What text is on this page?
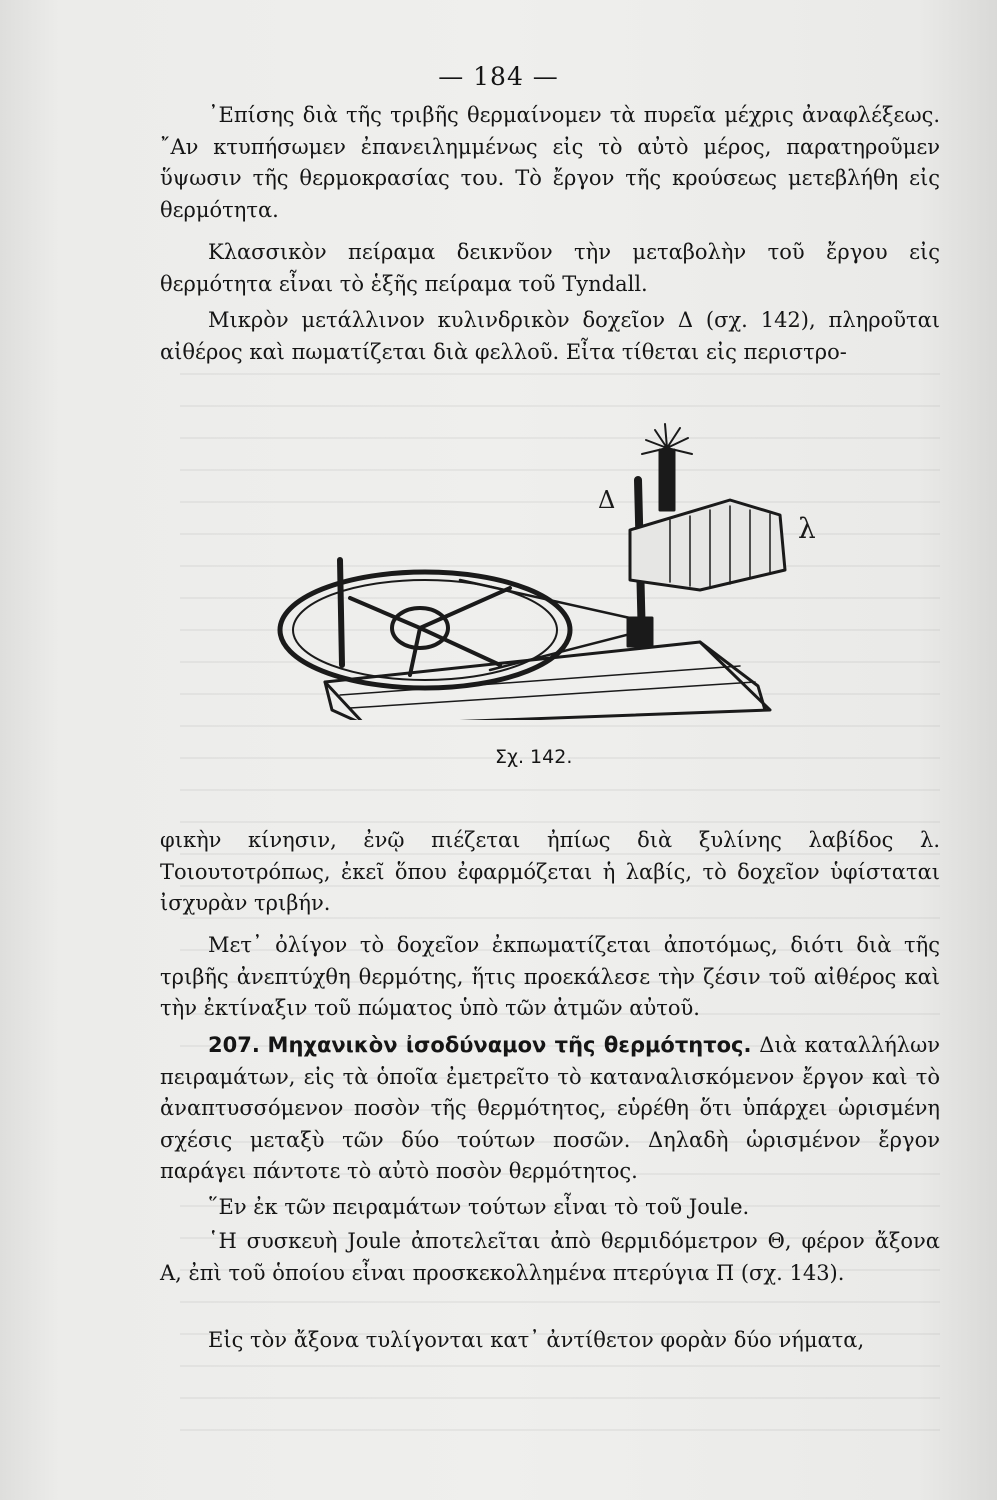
— 184 —

᾿Επίσης διὰ τῆς τριβῆς θερμαίνομεν τὰ πυρεῖα μέχρις ἀναφλέξεως. ῎Αν κτυπήσωμεν ἐπανειλημμένως εἰς τὸ αὐτὸ μέρος, παρατηροῦμεν ὕψωσιν τῆς θερμοκρασίας του. Τὸ ἔργον τῆς κρούσεως μετεβλήθη εἰς θερμότητα.

Κλασσικὸν πείραμα δεικνῦον τὴν μεταβολὴν τοῦ ἔργου εἰς θερμότητα εἶναι τὸ ἑξῆς πείραμα τοῦ Tyndall.

Μικρὸν μετάλλινον κυλινδρικὸν δοχεῖον Δ (σχ. 142), πληροῦται αἰθέρος καὶ πωματίζεται διὰ φελλοῦ. Εἶτα τίθεται εἰς περιστρο-

Δ
λ
Σχ. 142.

φικὴν κίνησιν, ἐνῷ πιέζεται ἠπίως διὰ ξυλίνης λαβίδος λ. Τοιουτοτρόπως, ἐκεῖ ὅπου ἐφαρμόζεται ἡ λαβίς, τὸ δοχεῖον ὑφίσταται ἰσχυρὰν τριβήν.

Μετ᾿ ὀλίγον τὸ δοχεῖον ἐκπωματίζεται ἀποτόμως, διότι διὰ τῆς τριβῆς ἀνεπτύχθη θερμότης, ἥτις προεκάλεσε τὴν ζέσιν τοῦ αἰθέρος καὶ τὴν ἐκτίναξιν τοῦ πώματος ὑπὸ τῶν ἀτμῶν αὐτοῦ.

207. Μηχανικὸν ἰσοδύναμον τῆς θερμότητος. Διὰ καταλλήλων πειραμάτων, εἰς τὰ ὁποῖα ἐμετρεῖτο τὸ καταναλισκόμενον ἔργον καὶ τὸ ἀναπτυσσόμενον ποσὸν τῆς θερμότητος, εὑρέθη ὅτι ὑπάρχει ὡρισμένη σχέσις μεταξὺ τῶν δύο τούτων ποσῶν. Δηλαδὴ ὡρισμένον ἔργον παράγει πάντοτε τὸ αὐτὸ ποσὸν θερμότητος.

῞Εν ἐκ τῶν πειραμάτων τούτων εἶναι τὸ τοῦ Joule.

῾Η συσκευὴ Joule ἀποτελεῖται ἀπὸ θερμιδόμετρον Θ, φέρον ἄξονα Α, ἐπὶ τοῦ ὁποίου εἶναι προσκεκολλημένα πτερύγια Π (σχ. 143).

Εἰς τὸν ἄξονα τυλίγονται κατ᾿ ἀντίθετον φορὰν δύο νήματα,
